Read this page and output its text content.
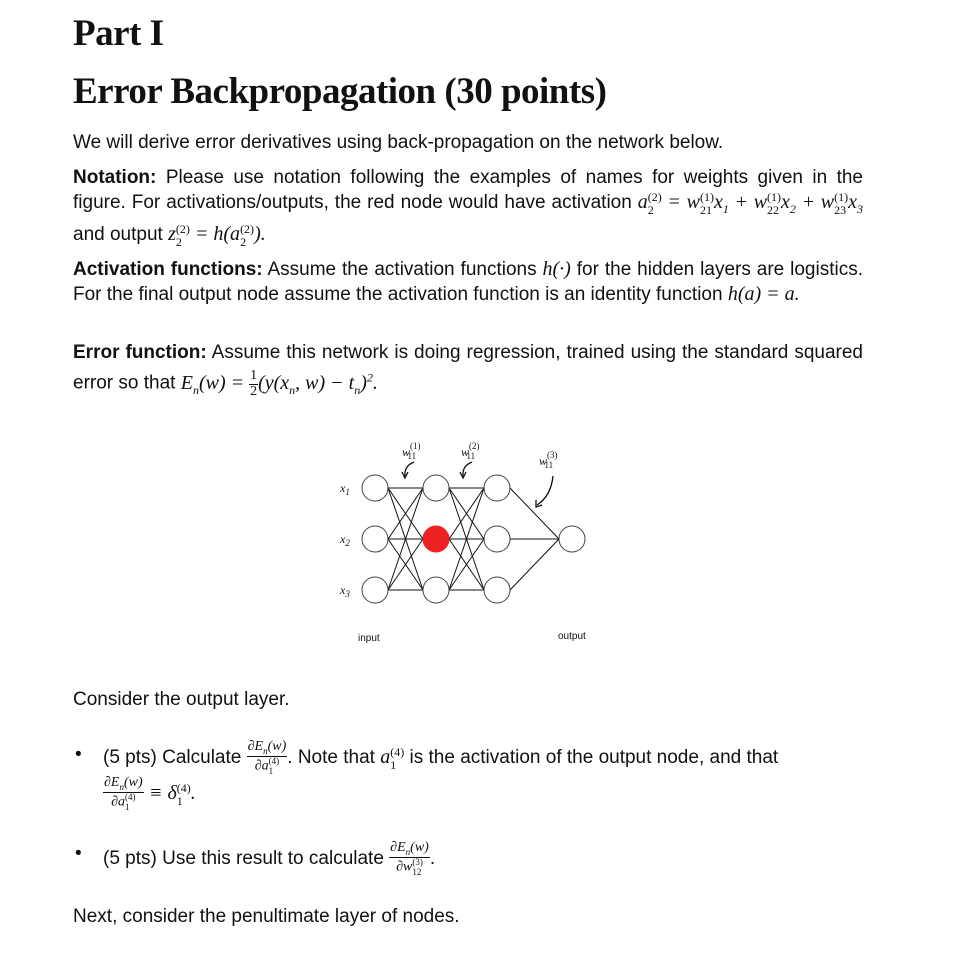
Part I
Error Backpropagation (30 points)
We will derive error derivatives using back-propagation on the network below.
Notation: Please use notation following the examples of names for weights given in the figure. For activations/outputs, the red node would have activation a (2)
2 = w (1)
21 $x_1 + w$ (1)
22 $x_2 + w$ (1)
23 $x_3$ and output z (2)
2 = h(a (2)
2 ).
Activation functions: Assume the activation functions h(·) for the hidden layers are logistics. For the final output node assume the activation function is an identity function h(a) = a.
Error function: Assume this network is doing regression, trained using the standard squared error so that $E_n(w) = \frac{1}{2} (y(x_n$, $w) - t_n)^2$.
$x_1$
$x_2$
$x_3$
$w^{(1)}$ 11	$w^{(2)}$ 11	$w^{(3)}$ 11
input	output
Consider the output layer.
• (5 pts) Calculate $\partial E_n(w)$
∂a (4)
1 . Note that a (4)
1 is the activation of the output node, and that

$\partial E_n(w)$
∂a (4)
1 ≡ δ (4)
1 .
• (5 pts) Use this result to calculate $\partial E_n(w)$
∂w (3)
12 .
Next, consider the penultimate layer of nodes.
